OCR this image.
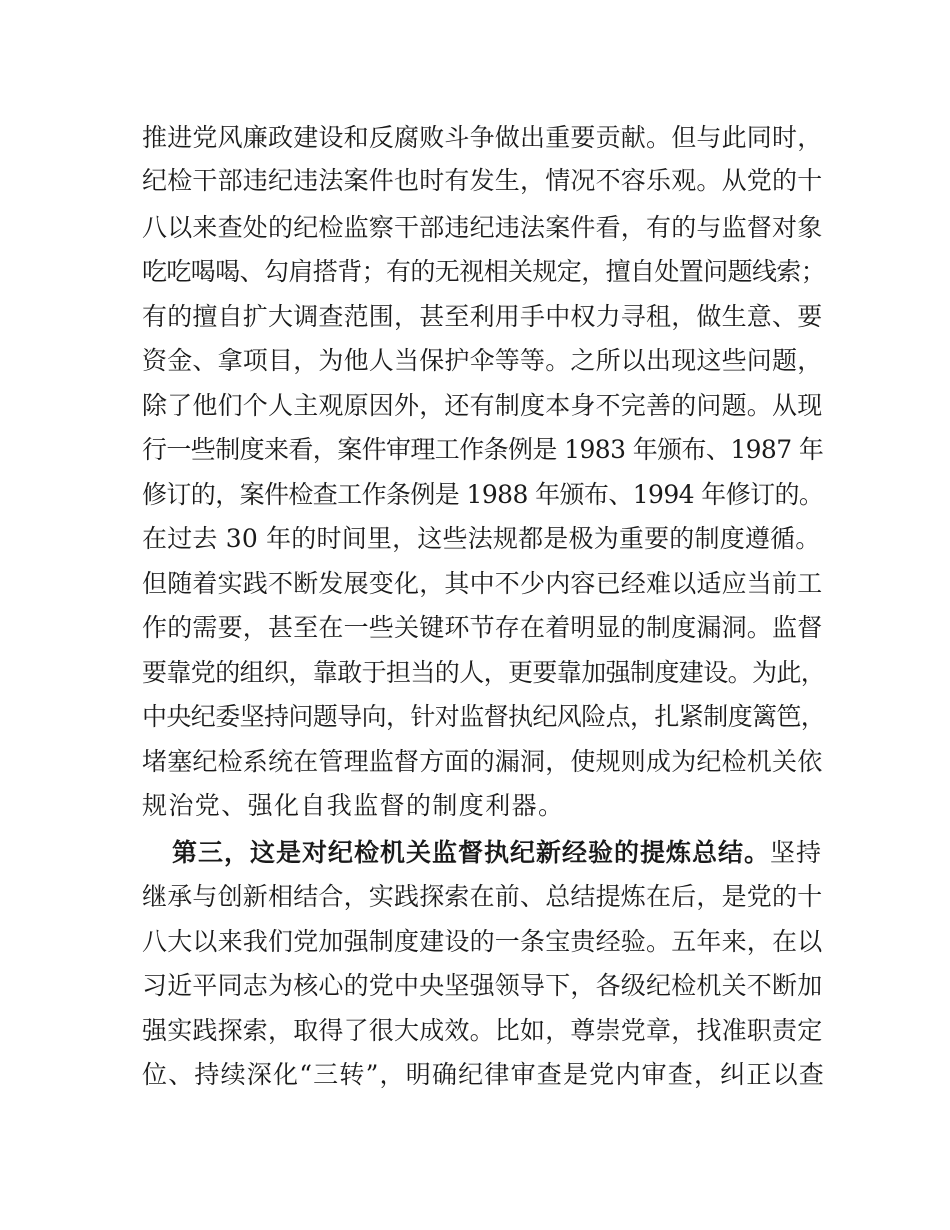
推进党风廉政建设和反腐败斗争做出重要贡献。但与此同时，
纪检干部违纪违法案件也时有发生，情况不容乐观。从党的十
八以来查处的纪检监察干部违纪违法案件看，有的与监督对象
吃吃喝喝、勾肩搭背；有的无视相关规定，擅自处置问题线索；
有的擅自扩大调查范围，甚至利用手中权力寻租，做生意、要
资金、拿项目，为他人当保护伞等等。之所以出现这些问题，
除了他们个人主观原因外，还有制度本身不完善的问题。从现
行一些制度来看，案件审理工作条例是 1983 年颁布、1987 年
修订的，案件检查工作条例是 1988 年颁布、1994 年修订的。
在过去 30 年的时间里，这些法规都是极为重要的制度遵循。
但随着实践不断发展变化，其中不少内容已经难以适应当前工
作的需要，甚至在一些关键环节存在着明显的制度漏洞。监督
要靠党的组织，靠敢于担当的人，更要靠加强制度建设。为此，
中央纪委坚持问题导向，针对监督执纪风险点，扎紧制度篱笆，
堵塞纪检系统在管理监督方面的漏洞，使规则成为纪检机关依
规治党、强化自我监督的制度利器。
第三，这是对纪检机关监督执纪新经验的提炼总结。坚持
继承与创新相结合，实践探索在前、总结提炼在后，是党的十
八大以来我们党加强制度建设的一条宝贵经验。五年来，在以
习近平同志为核心的党中央坚强领导下，各级纪检机关不断加
强实践探索，取得了很大成效。比如，尊崇党章，找准职责定
位、持续深化“三转”，明确纪律审查是党内审查，纠正以查
